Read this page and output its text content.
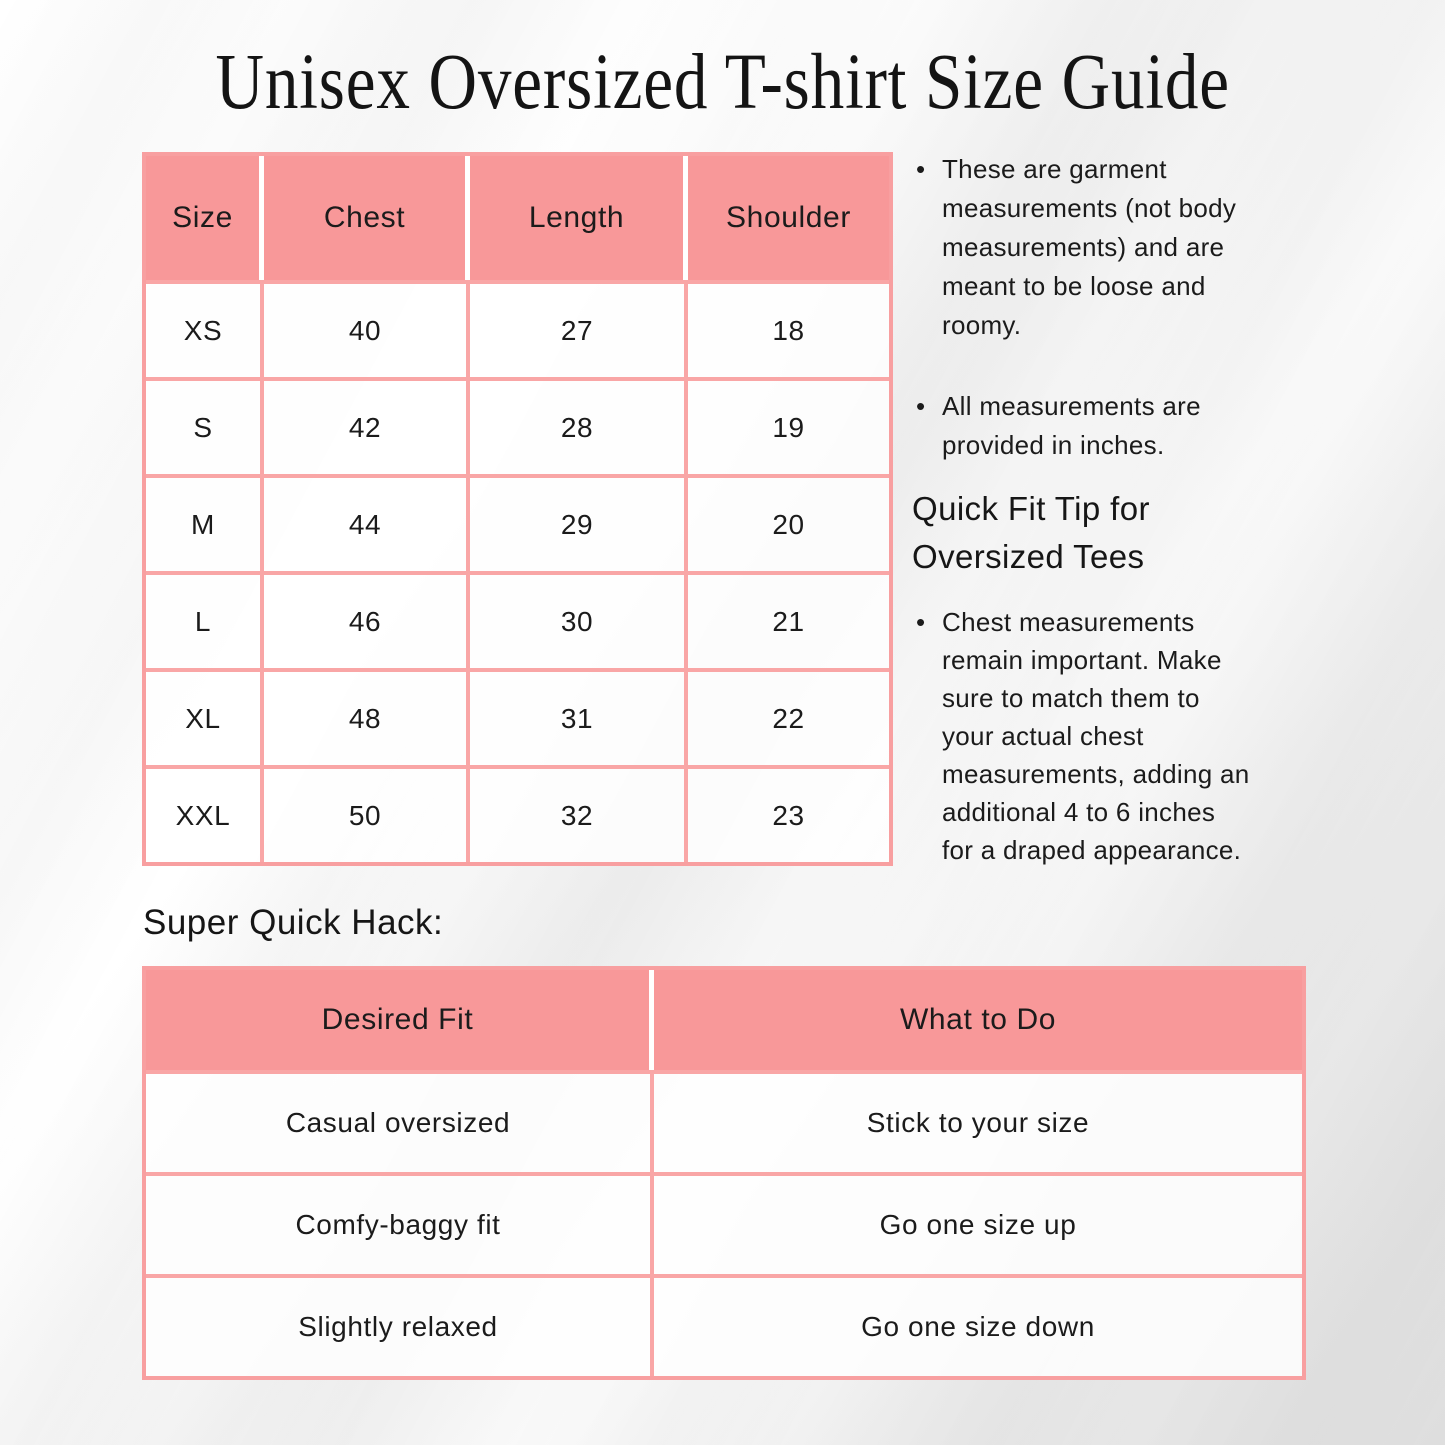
Unisex Oversized T-shirt Size Guide
Size	Chest	Length	Shoulder
XS	40	27	18
S	42	28	19
M	44	29	20
L	46	30	21
XL	48	31	22
XXL	50	32	23
• These are garment measurements (not body measurements) and are meant to be loose and roomy.

• All measurements are provided in inches.

Quick Fit Tip for Oversized Tees
• Chest measurements remain important. Make sure to match them to your actual chest measurements, adding an additional 4 to 6 inches for a draped appearance.

Super Quick Hack:
Desired Fit	What to Do
Casual oversized	Stick to your size
Comfy-baggy fit	Go one size up
Slightly relaxed	Go one size down
